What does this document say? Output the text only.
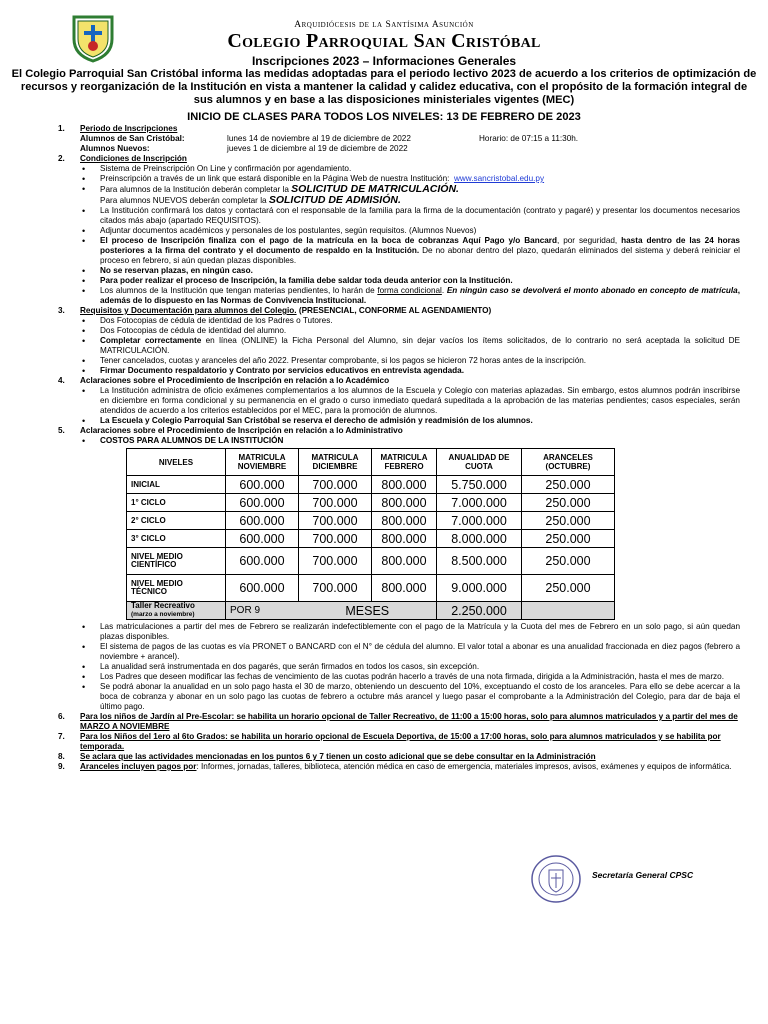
Arquidiócesis de la Santísima Asunción
Colegio Parroquial San Cristóbal
Inscripciones 2023 – Informaciones Generales
El Colegio Parroquial San Cristóbal informa las medidas adoptadas para el periodo lectivo 2023 de acuerdo a los criterios de optimización de recursos y reorganización de la Institución en vista a mantener la calidad y calidez educativa, con el propósito de la formación integral de sus alumnos y en base a las disposiciones ministeriales vigentes (MEC)
INICIO DE CLASES PARA TODOS LOS NIVELES: 13 DE FEBRERO DE 2023
1. Periodo de Inscripciones
Alumnos de San Cristóbal:	lunes 14 de noviembre al 19 de diciembre de 2022	Horario: de 07:15 a 11:30h.
Alumnos Nuevos:	jueves 1 de diciembre al 19 de diciembre de 2022
2. Condiciones de Inscripción
• Sistema de Preinscripción On Line y confirmación por agendamiento.
• Preinscripción a través de un link que estará disponible en la Página Web de nuestra Institución: www.sancristobal.edu.py
• Para alumnos de la Institución deberán completar la SOLICITUD DE MATRICULACIÓN.
Para alumnos NUEVOS deberán completar la SOLICITUD DE ADMISIÓN.
• La Institución confirmará los datos y contactará con el responsable de la familia para la firma de la documentación (contrato y pagaré) y presentar los documentos necesarios citados más abajo (apartado REQUISITOS).
• Adjuntar documentos académicos y personales de los postulantes, según requisitos. (Alumnos Nuevos)
• El proceso de Inscripción finaliza con el pago de la matrícula en la boca de cobranzas Aquí Pago y/o Bancard, por seguridad, hasta dentro de las 24 horas posteriores a la firma del contrato y el documento de respaldo en la Institución. De no abonar dentro del plazo, quedarán eliminados del sistema y deberá reiniciar el proceso en febrero, si aún quedan plazas disponibles.
• No se reservan plazas, en ningún caso.
• Para poder realizar el proceso de Inscripción, la familia debe saldar toda deuda anterior con la Institución.
• Los alumnos de la Institución que tengan materias pendientes, lo harán de forma condicional. En ningún caso se devolverá el monto abonado en concepto de matrícula, además de lo dispuesto en las Normas de Convivencia Institucional.
3. Requisitos y Documentación para alumnos del Colegio. (PRESENCIAL, CONFORME AL AGENDAMIENTO)
• Dos Fotocopias de cédula de identidad de los Padres o Tutores.
• Dos Fotocopias de cédula de identidad del alumno.
• Completar correctamente en línea (ONLINE) la Ficha Personal del Alumno, sin dejar vacíos los ítems solicitados, de lo contrario no será aceptada la solicitud DE MATRICULACIÓN.
• Tener cancelados, cuotas y aranceles del año 2022. Presentar comprobante, si los pagos se hicieron 72 horas antes de la inscripción.
• Firmar Documento respaldatorio y Contrato por servicios educativos en entrevista agendada.
4. Aclaraciones sobre el Procedimiento de Inscripción en relación a lo Académico
• La Institución administra de oficio exámenes complementarios a los alumnos de la Escuela y Colegio con materias aplazadas. Sin embargo, estos alumnos podrán inscribirse en diciembre en forma condicional y su permanencia en el grado o curso inmediato quedará supeditada a la aprobación de las materias pendientes; casos especiales, serán atendidos de acuerdo a los criterios establecidos por el MEC, para la promoción de alumnos.
• La Escuela y Colegio Parroquial San Cristóbal se reserva el derecho de admisión y readmisión de los alumnos.
5. Aclaraciones sobre el Procedimiento de Inscripción en relación a lo Administrativo
• COSTOS PARA ALUMNOS DE LA INSTITUCIÓN
NIVELES	MATRICULA NOVIEMBRE	MATRICULA DICIEMBRE	MATRICULA FEBRERO	ANUALIDAD DE CUOTA	ARANCELES (OCTUBRE)
INICIAL	600.000	700.000	800.000	5.750.000	250.000
1° CICLO	600.000	700.000	800.000	7.000.000	250.000
2° CICLO	600.000	700.000	800.000	7.000.000	250.000
3° CICLO	600.000	700.000	800.000	8.000.000	250.000
NIVEL MEDIO CIENTÍFICO	600.000	700.000	800.000	8.500.000	250.000
NIVEL MEDIO TÉCNICO	600.000	700.000	800.000	9.000.000	250.000
Taller Recreativo
(marzo a noviembre)	POR 9	MESES		2.250.000	
• Las matriculaciones a partir del mes de Febrero se realizarán indefectiblemente con el pago de la Matrícula y la Cuota del mes de Febrero en un solo pago, si aún quedan plazas disponibles.
• El sistema de pagos de las cuotas es vía PRONET o BANCARD con el N° de cédula del alumno. El valor total a abonar es una anualidad fraccionada en diez pagos (febrero a noviembre + arancel).
• La anualidad será instrumentada en dos pagarés, que serán firmados en todos los casos, sin excepción.
• Los Padres que deseen modificar las fechas de vencimiento de las cuotas podrán hacerlo a través de una nota firmada, dirigida a la Administración, hasta el mes de marzo.
• Se podrá abonar la anualidad en un solo pago hasta el 30 de marzo, obteniendo un descuento del 10%, exceptuando el costo de los aranceles. Para ello se debe acercar a la boca de cobranza y abonar en un solo pago las cuotas de febrero a octubre más arancel y luego pasar el comprobante a la Administración del Colegio, para dar de baja el último pago.
6. Para los niños de Jardín al Pre-Escolar: se habilita un horario opcional de Taller Recreativo, de 11:00 a 15:00 horas, solo para alumnos matriculados y a partir del mes de MARZO A NOVIEMBRE
7. Para los Niños del 1ero al 6to Grados: se habilita un horario opcional de Escuela Deportiva, de 15:00 a 17:00 horas, solo para alumnos matriculados y se habilita por temporada.
8. Se aclara que las actividades mencionadas en los puntos 6 y 7 tienen un costo adicional que se debe consultar en la Administración
9. Aranceles incluyen pagos por: Informes, jornadas, talleres, biblioteca, atención médica en caso de emergencia, materiales impresos, avisos, exámenes y equipos de informática.
Secretaría General CPSC
